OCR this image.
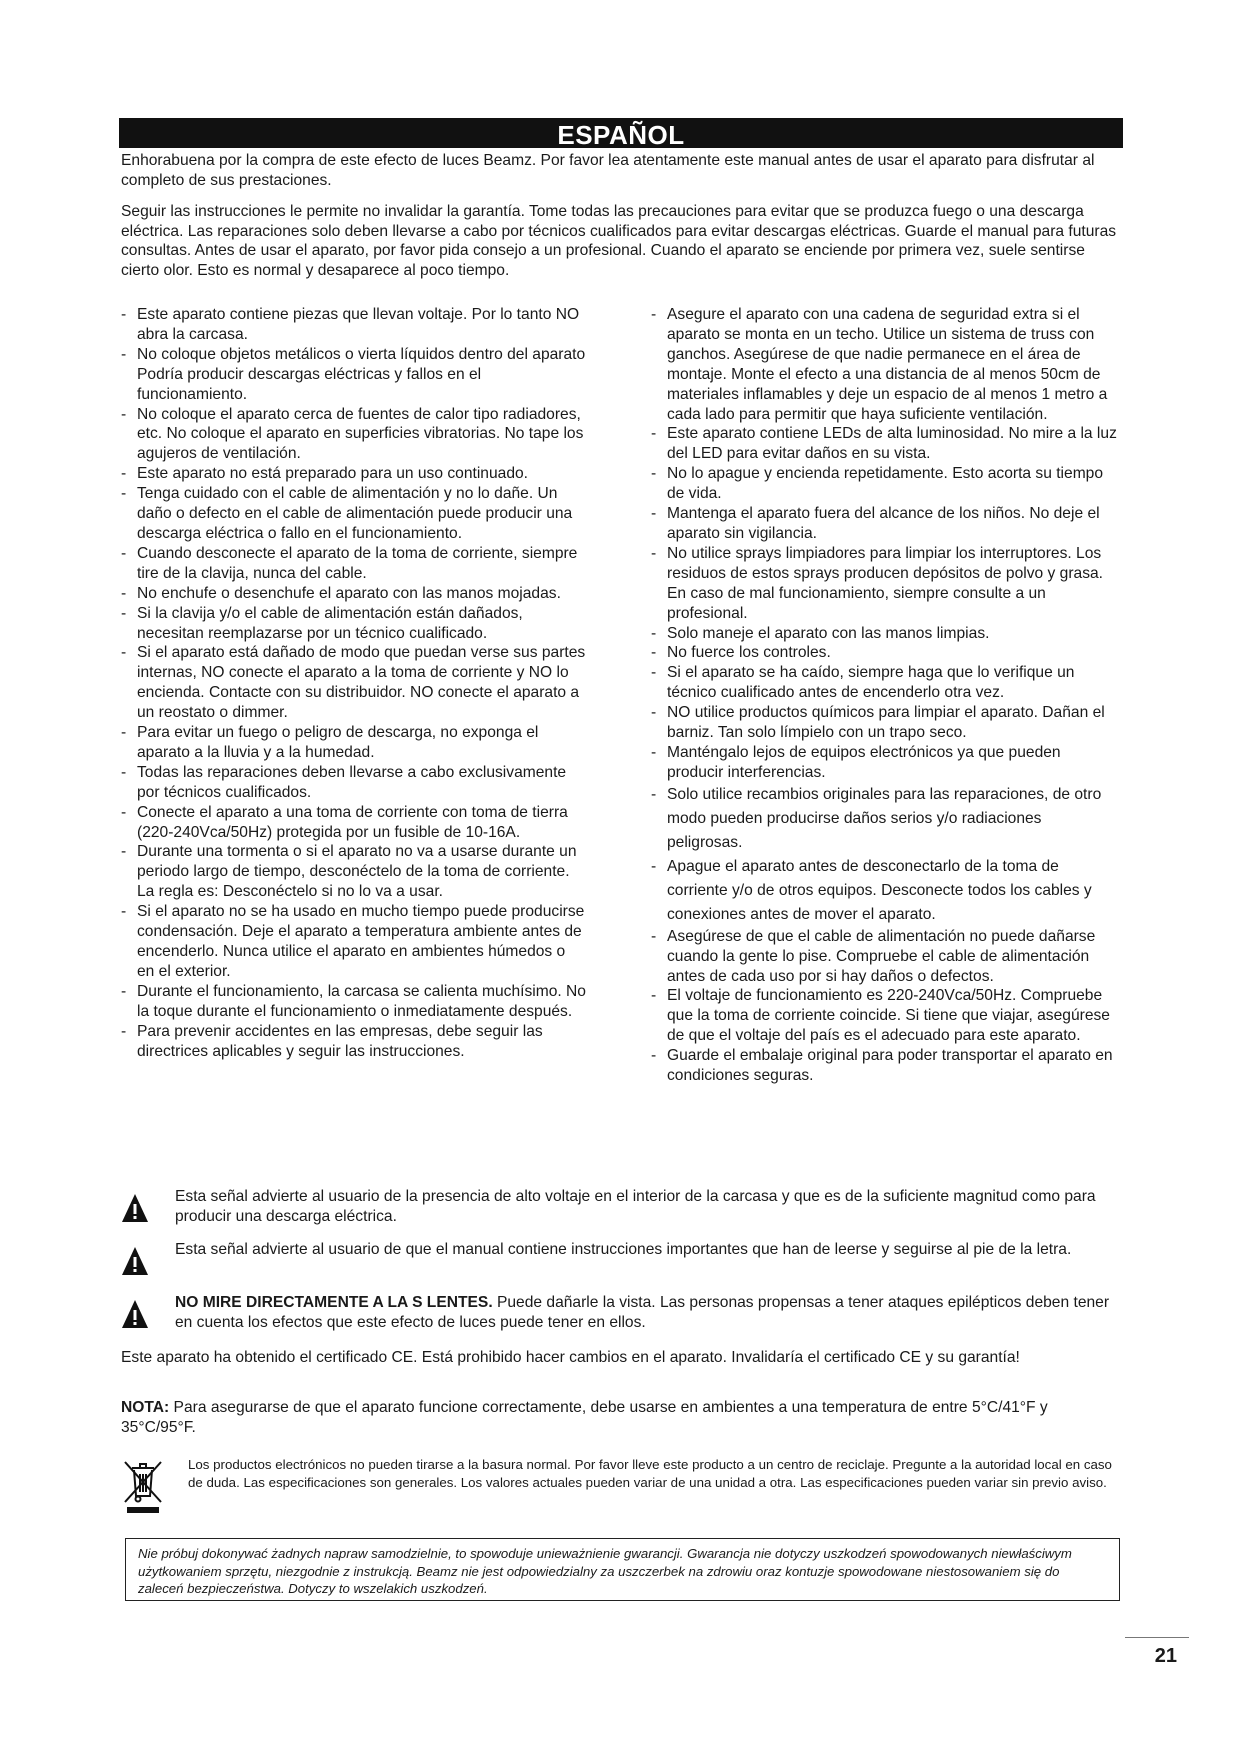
ESPAÑOL

Enhorabuena por la compra de este efecto de luces Beamz. Por favor lea atentamente este manual antes de usar el aparato para disfrutar al completo de sus prestaciones.

Seguir las instrucciones le permite no invalidar la garantía. Tome todas las precauciones para evitar que se produzca fuego o una descarga eléctrica. Las reparaciones solo deben llevarse a cabo por técnicos cualificados para evitar descargas eléctricas. Guarde el manual para futuras consultas. Antes de usar el aparato, por favor pida consejo a un profesional. Cuando el aparato se enciende por primera vez, suele sentirse cierto olor. Esto es normal y desaparece al poco tiempo.

- Este aparato contiene piezas que llevan voltaje. Por lo tanto NO abra la carcasa.
- No coloque objetos metálicos o vierta líquidos dentro del aparato Podría producir descargas eléctricas y fallos en el funcionamiento.
- No coloque el aparato cerca de fuentes de calor tipo radiadores, etc. No coloque el aparato en superficies vibratorias. No tape los agujeros de ventilación.
- Este aparato no está preparado para un uso continuado.
- Tenga cuidado con el cable de alimentación y no lo dañe. Un daño o defecto en el cable de alimentación puede producir una descarga eléctrica o fallo en el funcionamiento.
- Cuando desconecte el aparato de la toma de corriente, siempre tire de la clavija, nunca del cable.
- No enchufe o desenchufe el aparato con las manos mojadas.
- Si la clavija y/o el cable de alimentación están dañados, necesitan reemplazarse por un técnico cualificado.
- Si el aparato está dañado de modo que puedan verse sus partes internas, NO conecte el aparato a la toma de corriente y NO lo encienda. Contacte con su distribuidor. NO conecte el aparato a un reostato o dimmer.
- Para evitar un fuego o peligro de descarga, no exponga el aparato a la lluvia y a la humedad.
- Todas las reparaciones deben llevarse a cabo exclusivamente por técnicos cualificados.
- Conecte el aparato a una toma de corriente con toma de tierra (220-240Vca/50Hz) protegida por un fusible de 10-16A.
- Durante una tormenta o si el aparato no va a usarse durante un periodo largo de tiempo, desconéctelo de la toma de corriente. La regla es: Desconéctelo si no lo va a usar.
- Si el aparato no se ha usado en mucho tiempo puede producirse condensación. Deje el aparato a temperatura ambiente antes de encenderlo. Nunca utilice el aparato en ambientes húmedos o en el exterior.
- Durante el funcionamiento, la carcasa se calienta muchísimo. No la toque durante el funcionamiento o inmediatamente después.
- Para prevenir accidentes en las empresas, debe seguir las directrices aplicables y seguir las instrucciones.
- Asegure el aparato con una cadena de seguridad extra si el aparato se monta en un techo. Utilice un sistema de truss con ganchos. Asegúrese de que nadie permanece en el área de montaje. Monte el efecto a una distancia de al menos 50cm de materiales inflamables y deje un espacio de al menos 1 metro a cada lado para permitir que haya suficiente ventilación.
- Este aparato contiene LEDs de alta luminosidad. No mire a la luz del LED para evitar daños en su vista.
- No lo apague y encienda repetidamente. Esto acorta su tiempo de vida.
- Mantenga el aparato fuera del alcance de los niños. No deje el aparato sin vigilancia.
- No utilice sprays limpiadores para limpiar los interruptores. Los residuos de estos sprays producen depósitos de polvo y grasa. En caso de mal funcionamiento, siempre consulte a un profesional.
- Solo maneje el aparato con las manos limpias.
- No fuerce los controles.
- Si el aparato se ha caído, siempre haga que lo verifique un técnico cualificado antes de encenderlo otra vez.
- NO utilice productos químicos para limpiar el aparato. Dañan el barniz. Tan solo límpielo con un trapo seco.
- Manténgalo lejos de equipos electrónicos ya que pueden producir interferencias.
- Solo utilice recambios originales para las reparaciones, de otro modo pueden producirse daños serios y/o radiaciones peligrosas.
- Apague el aparato antes de desconectarlo de la toma de corriente y/o de otros equipos. Desconecte todos los cables y conexiones antes de mover el aparato.
- Asegúrese de que el cable de alimentación no puede dañarse cuando la gente lo pise. Compruebe el cable de alimentación antes de cada uso por si hay daños o defectos.
- El voltaje de funcionamiento es 220-240Vca/50Hz. Compruebe que la toma de corriente coincide. Si tiene que viajar, asegúrese de que el voltaje del país es el adecuado para este aparato.
- Guarde el embalaje original para poder transportar el aparato en condiciones seguras.

Esta señal advierte al usuario de la presencia de alto voltaje en el interior de la carcasa y que es de la suficiente magnitud como para producir una descarga eléctrica.

Esta señal advierte al usuario de que el manual contiene instrucciones importantes que han de leerse y seguirse al pie de la letra.

NO MIRE DIRECTAMENTE A LA S LENTES. Puede dañarle la vista. Las personas propensas a tener ataques epilépticos deben tener en cuenta los efectos que este efecto de luces puede tener en ellos.

Este aparato ha obtenido el certificado CE. Está prohibido hacer cambios en el aparato. Invalidaría el certificado CE y su garantía!

NOTA: Para asegurarse de que el aparato funcione correctamente, debe usarse en ambientes a una temperatura de entre 5°C/41°F y 35°C/95°F.

Los productos electrónicos no pueden tirarse a la basura normal. Por favor lleve este producto a un centro de reciclaje. Pregunte a la autoridad local en caso de duda. Las especificaciones son generales. Los valores actuales pueden variar de una unidad a otra. Las especificaciones pueden variar sin previo aviso.

Nie próbuj dokonywać żadnych napraw samodzielnie, to spowoduje unieważnienie gwarancji. Gwarancja nie dotyczy uszkodzeń spowodowanych niewłaściwym użytkowaniem sprzętu, niezgodnie z instrukcją. Beamz nie jest odpowiedzialny za uszczerbek na zdrowiu oraz kontuzje spowodowane niestosowaniem się do zaleceń bezpieczeństwa. Dotyczy to wszelakich uszkodzeń.
21
